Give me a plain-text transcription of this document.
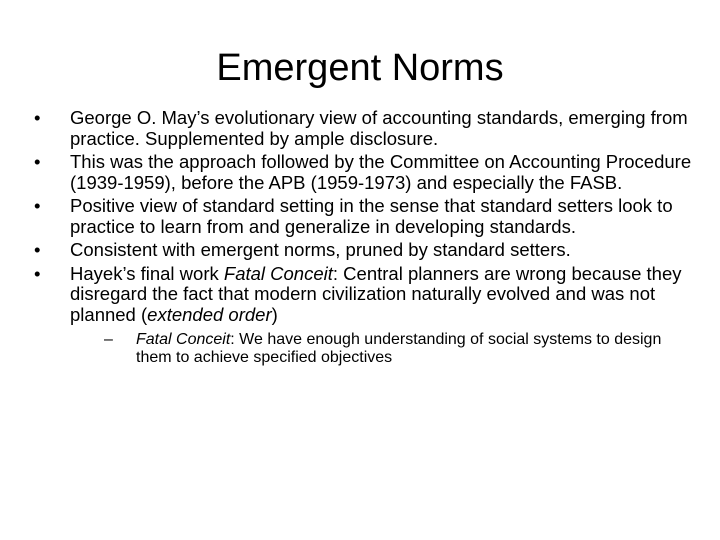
Emergent Norms
•	George O. May’s evolutionary view of accounting standards, emerging from practice. Supplemented by ample disclosure.
•	This was the approach followed by the Committee on Accounting Procedure (1939-1959), before the APB (1959-1973) and especially the FASB.
•	Positive view of standard setting in the sense that standard setters look to practice to learn from and generalize in developing standards.
•	Consistent with emergent norms, pruned by standard setters.
•	Hayek’s final work Fatal Conceit: Central planners are wrong because they disregard the fact that modern civilization naturally evolved and was not planned (extended order)
– Fatal Conceit: We have enough understanding of social systems to design them to achieve specified objectives
